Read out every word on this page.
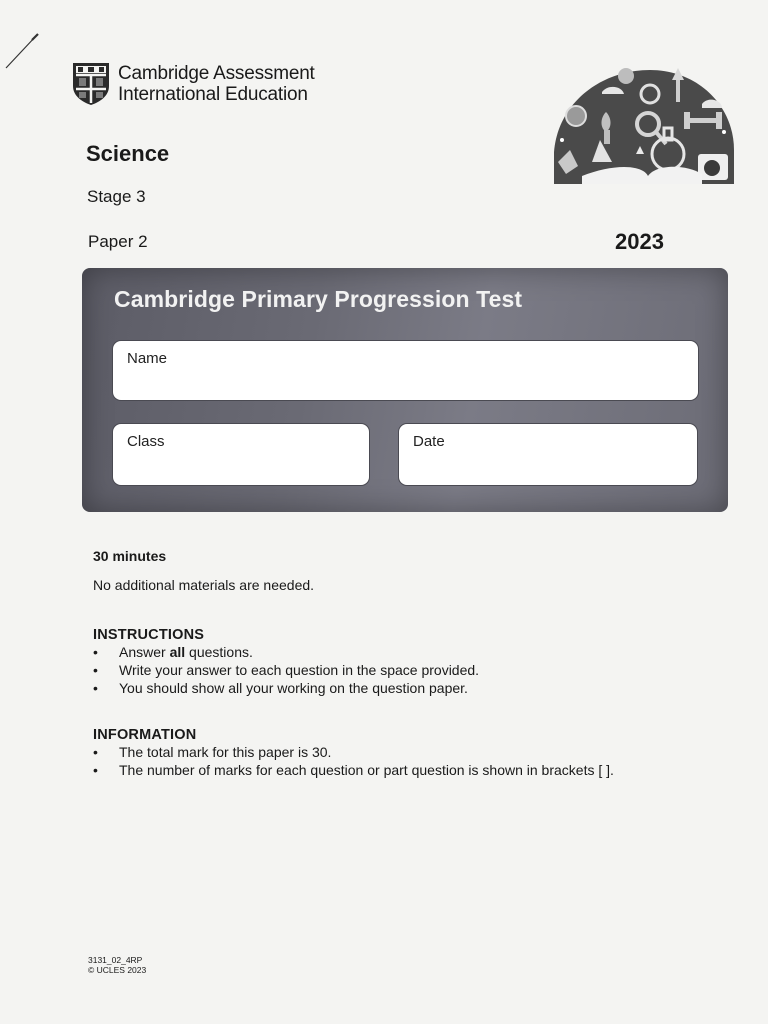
Cambridge Assessment
International Education
Science
Stage 3
Paper 2	2023
Cambridge Primary Progression Test
Name
Class	Date
30 minutes
No additional materials are needed.
INSTRUCTIONS
• Answer all questions.
• Write your answer to each question in the space provided.
• You should show all your working on the question paper.
INFORMATION
• The total mark for this paper is 30.
• The number of marks for each question or part question is shown in brackets [ ].
3131_02_4RP
© UCLES 2023
